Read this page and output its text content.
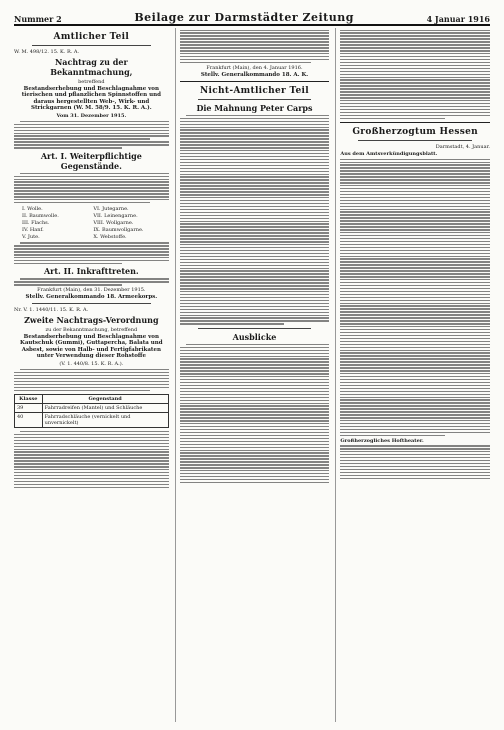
Nummer 2	Beilage zur Darmstädter Zeitung	4 Januar 1916
Amtlicher Teil
W. M. 498/12. 15. K. R. A.
Nachtrag zu der Bekanntmachung,
betreffend
Bestandserhebung und Beschlagnahme von tierischen und pflanzlichen Spinnstoffen und daraus hergestellten Web-, Wirk- und Strickgarnen (W. M. 58/9. 15. K. R. A.).
Vom 31. Dezember 1915.
Art. I. Weiterpflichtige Gegenstände.
I. Wolle.	VI. Jutegarne.
II. Baumwolle.	VII. Leinengarne.
III. Flachs.	VIII. Wollgarne.
IV. Hanf.	IX. Baumwollgarne.
V. Jute.	X. Webstoffe.
Art. II. Inkrafttreten.
Frankfurt (Main), den 31. Dezember 1915.
Stellv. Generalkommando 18. Armeekorps.
Nr. V. 1. 1440/11. 15. K. R. A.
Zweite Nachtrags-Verordnung
zu der Bekanntmachung, betreffend
Bestandserhebung und Beschlagnahme von Kautschuk (Gummi), Guttapercha, Balata und Asbest, sowie von Halb- und Fertigfabrikaten unter Verwendung dieser Rohstoffe
(V. 1. 440/8. 15. K. R. A.).
Klasse	Gegenstand
39	Fahrradreifen (Mantel) und Schläuche
40	Fahrradschläuche (vernickelt und unvernickelt)
Frankfurt (Main), den 4. Januar 1916.
Stellv. Generalkommando 18. A. K.
Nicht-Amtlicher Teil
Die Mahnung Peter Carps
Ausblicke
Großherzogtum Hessen
Darmstadt, 4. Januar.
Aus dem Amtsverkündigungsblatt.
Großherzogliches Hoftheater.
